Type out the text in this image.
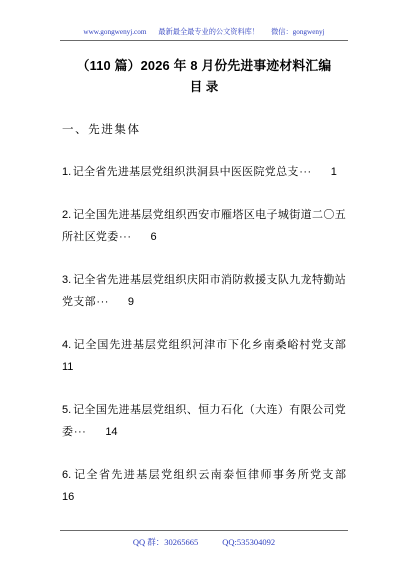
www.gongwenyj.com 最新最全最专业的公文资料库！ 微信：gongwenyj
（110 篇）2026 年 8 月份先进事迹材料汇编
目 录
一、先进集体
1. 记全省先进基层党组织洪洞县中医医院党总支 ··· 1
2. 记 全 国 先 进 基 层 党 组 织 西 安 市 雁 塔 区 电 子 城 街 道 二 〇 五
所社区党委 ··· 6
3. 记 全 省 先 进 基 层 党 组 织 庆 阳 市 消 防 救 援 支 队 九 龙 特 勤 站
党支部 ··· 9
4. 记 全 国 先 进 基 层 党 组 织 河 津 市 下 化 乡 南 桑 峪 村 党 支 部
11
5. 记 全 国 先 进 基 层 党 组 织 、 恒 力 石 化 （ 大 连 ） 有 限 公 司 党
委 ··· 14
6. 记 全 省 先 进 基 层 党 组 织 云 南 泰 恒 律 师 事 务 所 党 支 部
16
QQ 群：30265665	QQ:535304092
